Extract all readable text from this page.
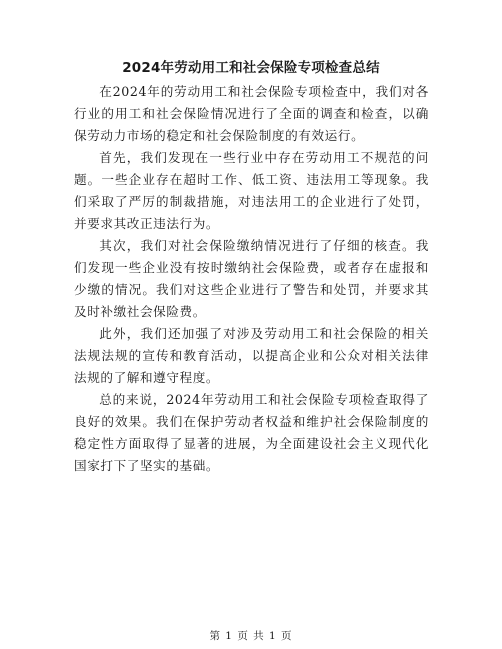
2024年劳动用工和社会保险专项检查总结

在2024年的劳动用工和社会保险专项检查中，我们对各行业的用工和社会保险情况进行了全面的调查和检查，以确保劳动力市场的稳定和社会保险制度的有效运行。

首先，我们发现在一些行业中存在劳动用工不规范的问题。一些企业存在超时工作、低工资、违法用工等现象。我们采取了严厉的制裁措施，对违法用工的企业进行了处罚，并要求其改正违法行为。

其次，我们对社会保险缴纳情况进行了仔细的核查。我们发现一些企业没有按时缴纳社会保险费，或者存在虚报和少缴的情况。我们对这些企业进行了警告和处罚，并要求其及时补缴社会保险费。

此外，我们还加强了对涉及劳动用工和社会保险的相关法规法规的宣传和教育活动，以提高企业和公众对相关法律法规的了解和遵守程度。

总的来说，2024年劳动用工和社会保险专项检查取得了良好的效果。我们在保护劳动者权益和维护社会保险制度的稳定性方面取得了显著的进展，为全面建设社会主义现代化国家打下了坚实的基础。

第 1 页 共 1 页
